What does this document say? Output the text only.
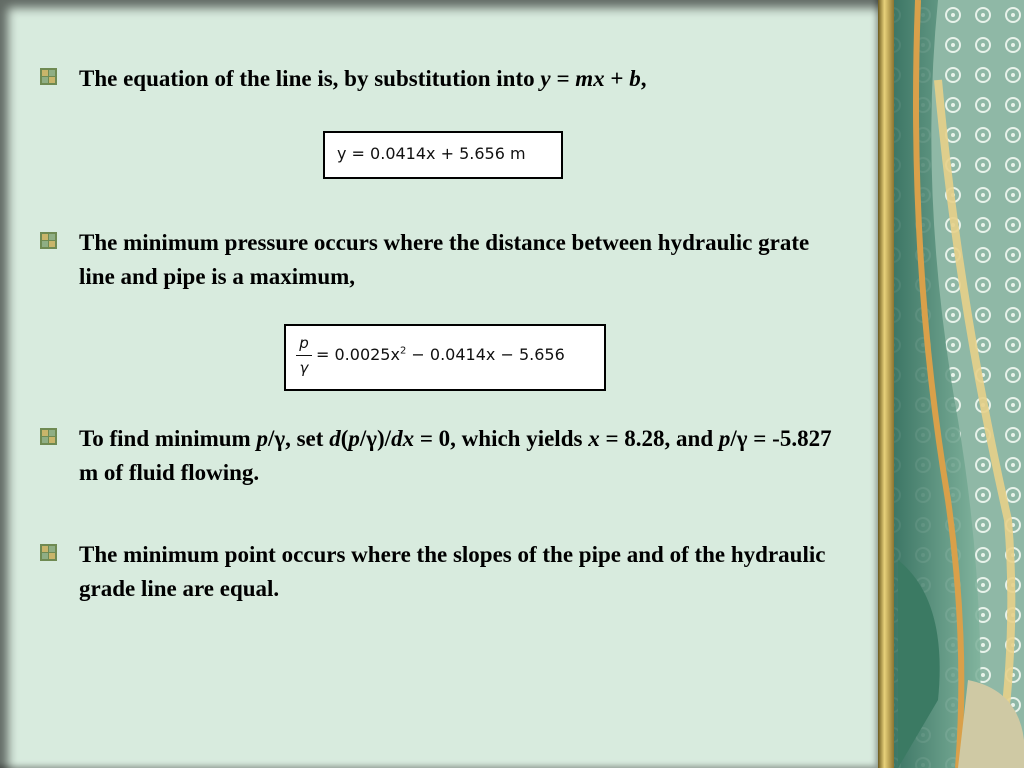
The equation of the line is, by substitution into y = mx + b,
y = 0.0414x + 5.656 m
The minimum pressure occurs where the distance between hydraulic grate line and pipe is a maximum,
p
γ
= $0.0025x^2 - 0.0414x - 5.656$
To find minimum p/γ, set d(p/γ)/dx = 0, which yields x = 8.28, and p/γ = -5.827 m of fluid flowing.
The minimum point occurs where the slopes of the pipe and of the hydraulic grade line are equal.
